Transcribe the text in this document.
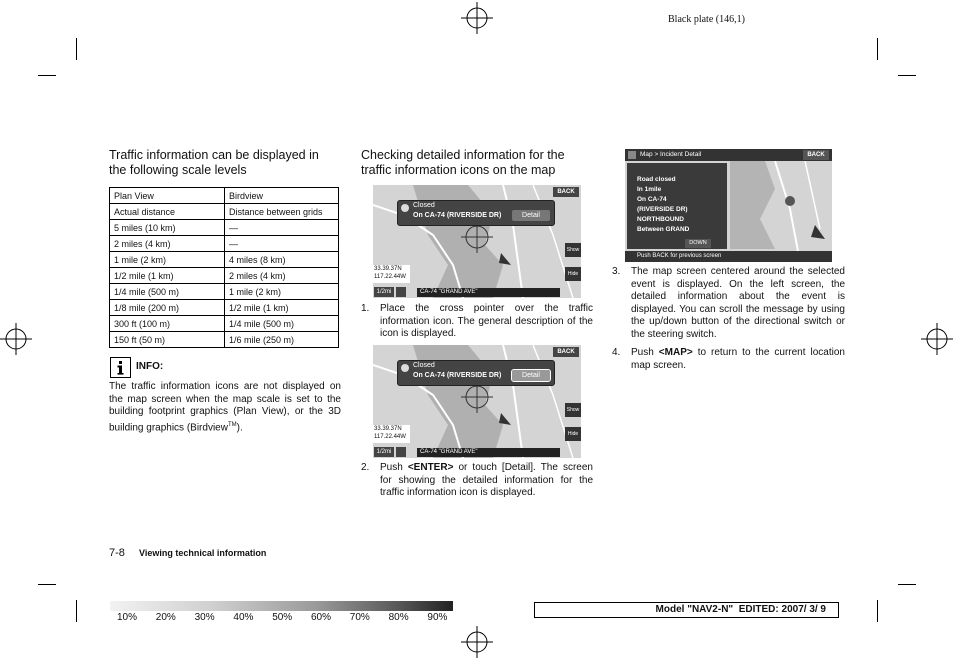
Black plate (146,1)
Traffic information can be displayed in the following scale levels
Plan View	Birdview
Actual distance	Distance between grids
5 miles (10 km)	—
2 miles (4 km)	—
1 mile (2 km)	4 miles (8 km)
1/2 mile (1 km)	2 miles (4 km)
1/4 mile (500 m)	1 mile (2 km)
1/8 mile (200 m)	1/2 mile (1 km)
300 ft (100 m)	1/4 mile (500 m)
150 ft (50 m)	1/6 mile (250 m)
INFO:
The traffic information icons are not displayed on the map screen when the map scale is set to the building footprint graphics (Plan View), or the 3D building graphics (Birdview™).
Checking detailed information for the traffic information icons on the map
BACK
Closed
On CA-74 (RIVERSIDE DR)	Detail
Show
Hide
33.39.37N
117.22.44W
1/2mi	CA-74 "GRAND AVE"
1. Place the cross pointer over the traffic information icon. The general description of the icon is displayed.
BACK
Closed
On CA-74 (RIVERSIDE DR)	Detail
Show
Hide
33.39.37N
117.22.44W
1/2mi	CA-74 "GRAND AVE"
2. Push <ENTER> or touch [Detail]. The screen for showing the detailed information for the traffic information icon is displayed.
Map > Incident Detail	BACK
Road closed
In 1mile
On CA-74
(RIVERSIDE DR)
NORTHBOUND
Between GRAND
DOWN
Push BACK for previous screen
3. The map screen centered around the selected event is displayed. On the left screen, the detailed information about the event is displayed. You can scroll the message by using the up/down button of the directional switch or the steering switch.
4. Push <MAP> to return to the current location map screen.
7-8 Viewing technical information
10% 20% 30% 40% 50% 60% 70% 80% 90%
Model "NAV2-N" EDITED: 2007/ 3/ 9
